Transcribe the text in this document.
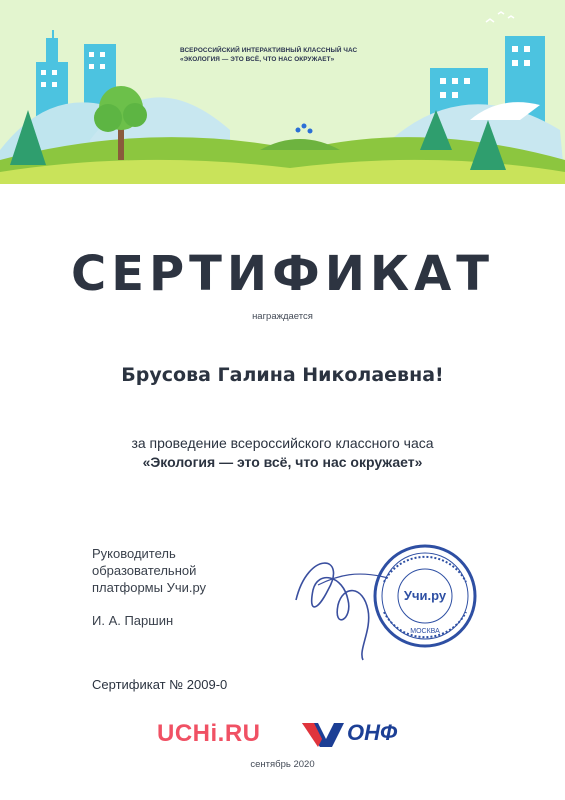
ВСЕРОССИЙСКИЙ ИНТЕРАКТИВНЫЙ КЛАССНЫЙ ЧАС
«ЭКОЛОГИЯ — ЭТО ВСЁ, ЧТО НАС ОКРУЖАЕТ»
СЕРТИФИКАТ
награждается
Брусова Галина Николаевна!
за проведение всероссийского классного часа
«Экология — это всё, что нас окружает»
Руководитель образовательной платформы Учи.ру
И. А. Паршин
Учи.ру
МОСКВА
Сертификат № 2009-0
UCHi.RU	ОНФ
сентябрь 2020
